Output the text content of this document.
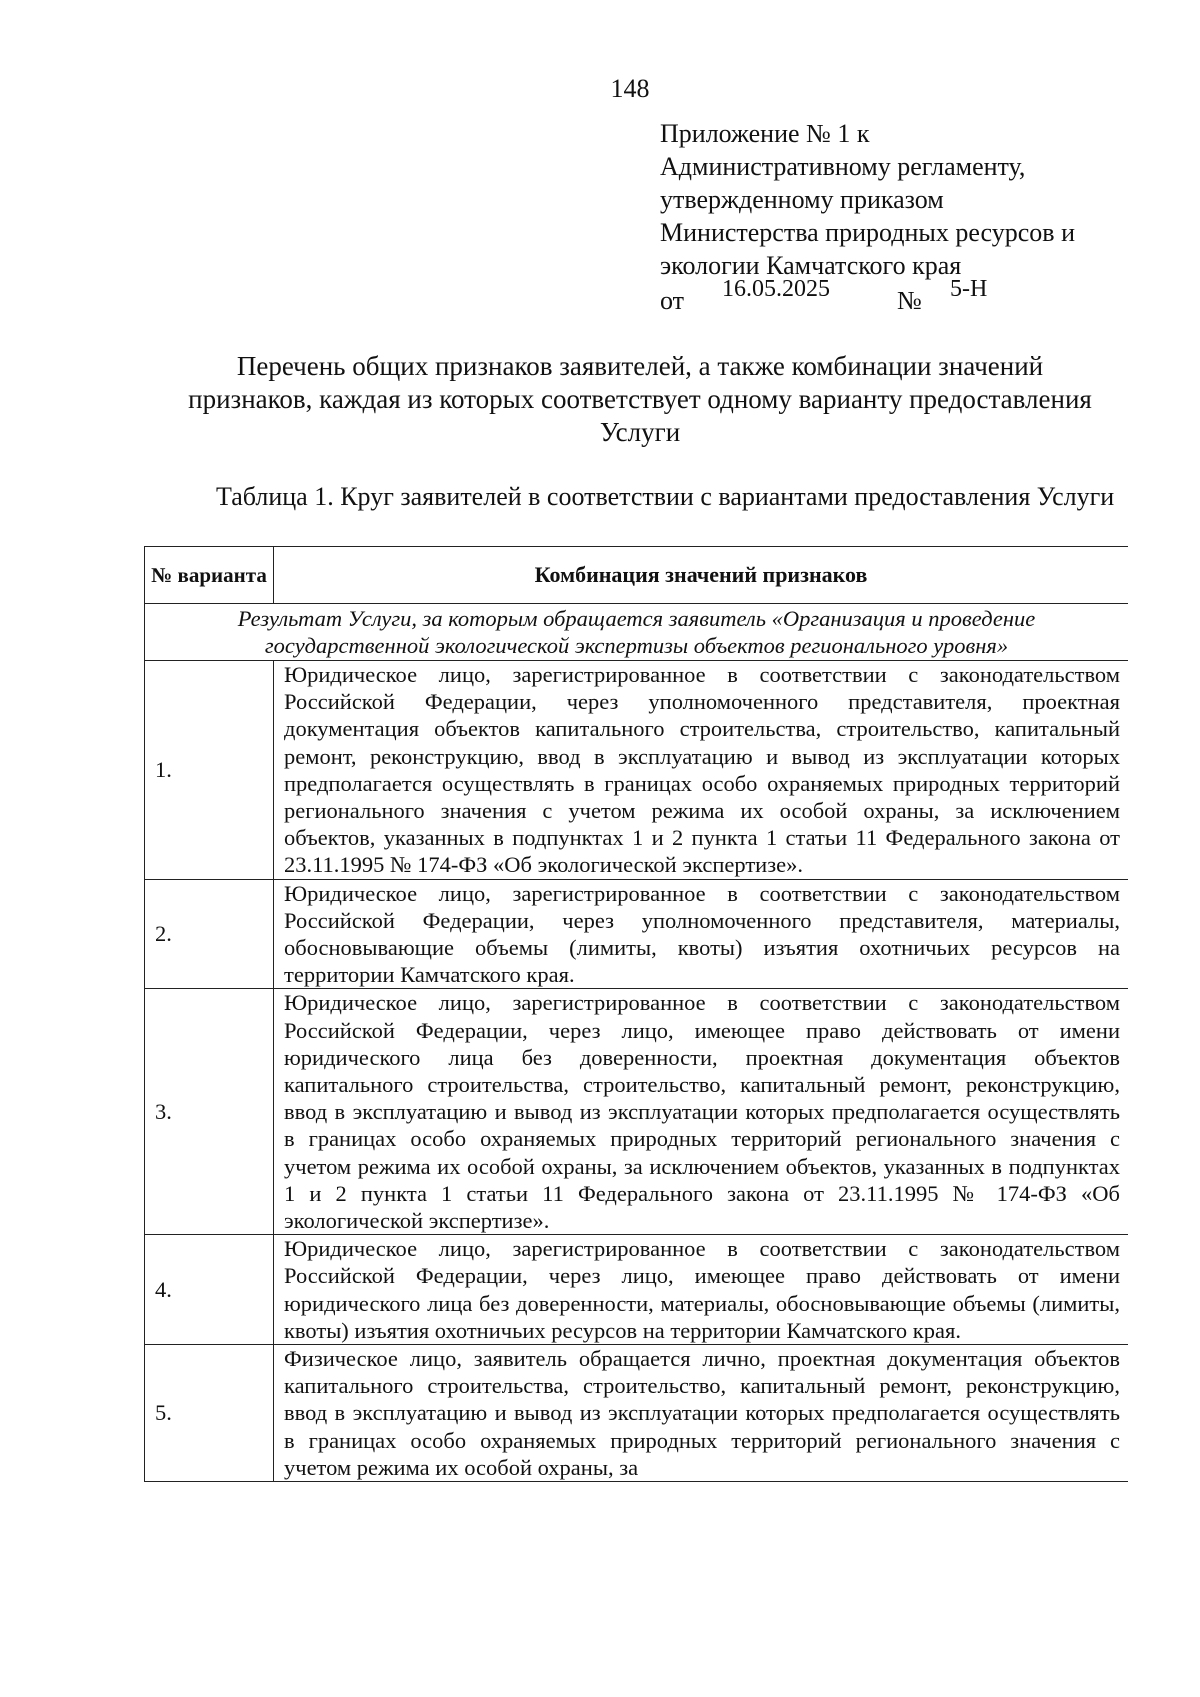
148
Приложение № 1 к
Административному регламенту,
утвержденному приказом
Министерства природных ресурсов и
экологии Камчатского края
от 16.05.2025	№ 5-Н
Перечень общих признаков заявителей, а также комбинации значений
признаков, каждая из которых соответствует одному варианту предоставления
Услуги
Таблица 1. Круг заявителей в соответствии с вариантами предоставления Услуги
№ варианта	Комбинация значений признаков
Результат Услуги, за которым обращается заявитель «Организация и проведение государственной экологической экспертизы объектов регионального уровня»	
1.	Юридическое лицо, зарегистрированное в соответствии с законодательством Российской Федерации, через уполномоченного представителя, проектная документация объектов капитального строительства, строительство, капитальный ремонт, реконструкцию, ввод в эксплуатацию и вывод из эксплуатации которых предполагается осуществлять в границах особо охраняемых природных территорий регионального значения с учетом режима их особой охраны, за исключением объектов, указанных в подпунктах 1 и 2 пункта 1 статьи 11 Федерального закона от 23.11.1995 № 174-ФЗ «Об экологической экспертизе».
2.	Юридическое лицо, зарегистрированное в соответствии с законодательством Российской Федерации, через уполномоченного представителя, материалы, обосновывающие объемы (лимиты, квоты) изъятия охотничьих ресурсов на территории Камчатского края.
3.	Юридическое лицо, зарегистрированное в соответствии с законодательством Российской Федерации, через лицо, имеющее право действовать от имени юридического лица без доверенности, проектная документация объектов капитального строительства, строительство, капитальный ремонт, реконструкцию, ввод в эксплуатацию и вывод из эксплуатации которых предполагается осуществлять в границах особо охраняемых природных территорий регионального значения с учетом режима их особой охраны, за исключением объектов, указанных в подпунктах 1 и 2 пункта 1 статьи 11 Федерального закона от 23.11.1995 № 174-ФЗ «Об экологической экспертизе».
4.	Юридическое лицо, зарегистрированное в соответствии с законодательством Российской Федерации, через лицо, имеющее право действовать от имени юридического лица без доверенности, материалы, обосновывающие объемы (лимиты, квоты) изъятия охотничьих ресурсов на территории Камчатского края.
5.	Физическое лицо, заявитель обращается лично, проектная документация объектов капитального строительства, строительство, капитальный ремонт, реконструкцию, ввод в эксплуатацию и вывод из эксплуатации которых предполагается осуществлять в границах особо охраняемых природных территорий регионального значения с учетом режима их особой охраны, за
